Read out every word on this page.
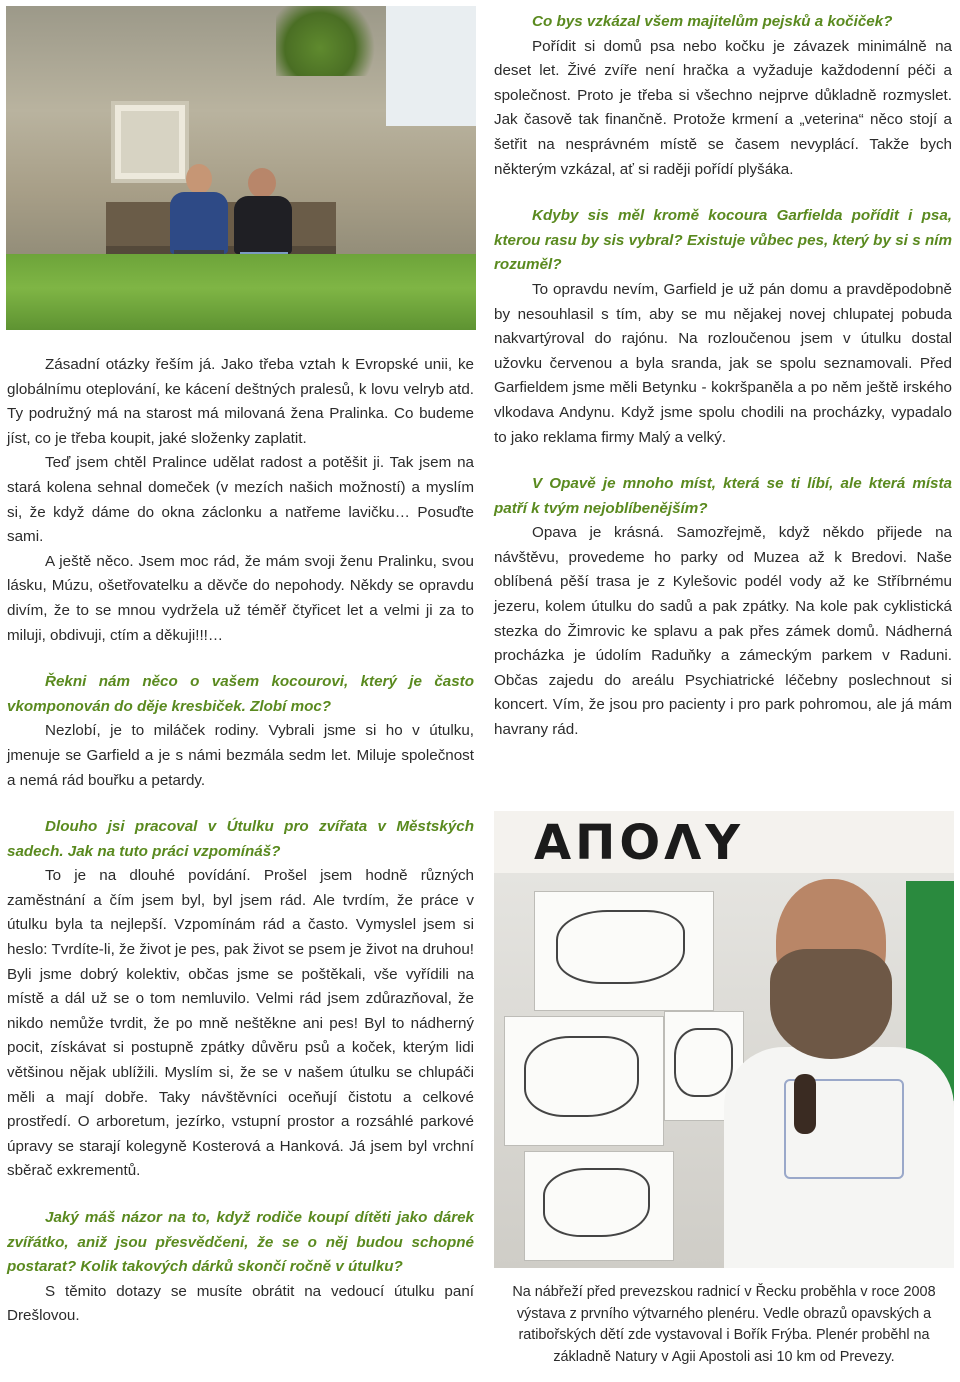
Zásadní otázky řeším já. Jako třeba vztah k Evropské unii, ke globálnímu oteplování, ke kácení deštných pralesů, k lovu velryb atd. Ty podružný má na starost má milovaná žena Pralinka. Co budeme jíst, co je třeba koupit, jaké složenky zaplatit.

Teď jsem chtěl Pralince udělat radost a potěšit ji. Tak jsem na stará kolena sehnal domeček (v mezích našich možností) a myslím si, že když dáme do okna záclonku a natřeme lavičku… Posuďte sami.

A ještě něco. Jsem moc rád, že mám svoji ženu Pralinku, svou lásku, Múzu, ošetřovatelku a děvče do nepohody. Někdy se opravdu divím, že to se mnou vydržela už téměř čtyřicet let a velmi ji za to miluji, obdivuji, ctím a děkuji!!!…

Řekni nám něco o vašem kocourovi, který je často vkomponován do děje kresbiček. Zlobí moc?

Nezlobí, je to miláček rodiny. Vybrali jsme si ho v útulku, jmenuje se Garfield a je s námi bezmála sedm let. Miluje společnost a nemá rád bouřku a petardy.

Dlouho jsi pracoval v Útulku pro zvířata v Městských sadech. Jak na tuto práci vzpomínáš?

To je na dlouhé povídání. Prošel jsem hodně různých zaměstnání a čím jsem byl, byl jsem rád. Ale tvrdím, že práce v útulku byla ta nejlepší. Vzpomínám rád a často. Vymyslel jsem si heslo: Tvrdíte-li, že život je pes, pak život se psem je život na druhou! Byli jsme dobrý kolektiv, občas jsme se poštěkali, vše vyřídili na místě a dál už se o tom nemluvilo. Velmi rád jsem zdůrazňoval, že nikdo nemůže tvrdit, že po mně neštěkne ani pes! Byl to nádherný pocit, získávat si postupně zpátky důvěru psů a koček, kterým lidi většinou nějak ublížili. Myslím si, že se v našem útulku se chlupáči měli a mají dobře. Taky návštěvníci oceňují čistotu a celkové prostředí. O arboretum, jezírko, vstupní prostor a rozsáhlé parkové úpravy se starají kolegyně Kosterová a Hanková. Já jsem byl vrchní sběrač exkrementů.

Jaký máš názor na to, když rodiče koupí dítěti jako dárek zvířátko, aniž jsou přesvědčeni, že se o něj budou schopné postarat? Kolik takových dárků skončí ročně v útulku?

S těmito dotazy se musíte obrátit na vedoucí útulku paní Drešlovou.

Co bys vzkázal všem majitelům pejsků a kočiček?

Pořídit si domů psa nebo kočku je závazek minimálně na deset let. Živé zvíře není hračka a vyžaduje každodenní péči a společnost. Proto je třeba si všechno nejprve důkladně rozmyslet. Jak časově tak finančně. Protože krmení a „veterina“ něco stojí a šetřit na nesprávném místě se časem nevyplácí. Takže bych některým vzkázal, ať si raději pořídí plyšáka.

Kdyby sis měl kromě kocoura Garfielda pořídit i psa, kterou rasu by sis vybral? Existuje vůbec pes, který by si s ním rozuměl?

To opravdu nevím, Garfield je už pán domu a pravděpodobně by nesouhlasil s tím, aby se mu nějakej novej chlupatej pobuda nakvartýroval do rajónu. Na rozloučenou jsem v útulku dostal užovku červenou a byla sranda, jak se spolu seznamovali. Před Garfieldem jsme měli Betynku - kokršpaněla a po něm ještě irského vlkodava Andynu. Když jsme spolu chodili na procházky, vypadalo to jako reklama firmy Malý a velký.

V Opavě je mnoho míst, která se ti líbí, ale která místa patří k tvým nejoblíbenějším?

Opava je krásná. Samozřejmě, když někdo přijede na návštěvu, provedeme ho parky od Muzea až k Bredovi. Naše oblíbená pěší trasa je z Kylešovic podél vody až ke Stříbrnému jezeru, kolem útulku do sadů a pak zpátky. Na kole pak cyklistická stezka do Žimrovic ke splavu a pak přes zámek domů. Nádherná procházka je údolím Raduňky a zámeckým parkem v Raduni. Občas zajedu do areálu Psychiatrické léčebny poslechnout si koncert. Vím, že jsou pro pacienty i pro park pohromou, ale já mám havrany rád.

ΑΠΟΛΥ
Na nábřeží před prevezskou radnicí v Řecku proběhla v roce 2008 výstava z prvního výtvarného plenéru. Vedle obrazů opavských a ratibořských dětí zde vystavoval i Bořík Frýba. Plenér proběhl na základně Natury v Agii Apostoli asi 10 km od Prevezy.
